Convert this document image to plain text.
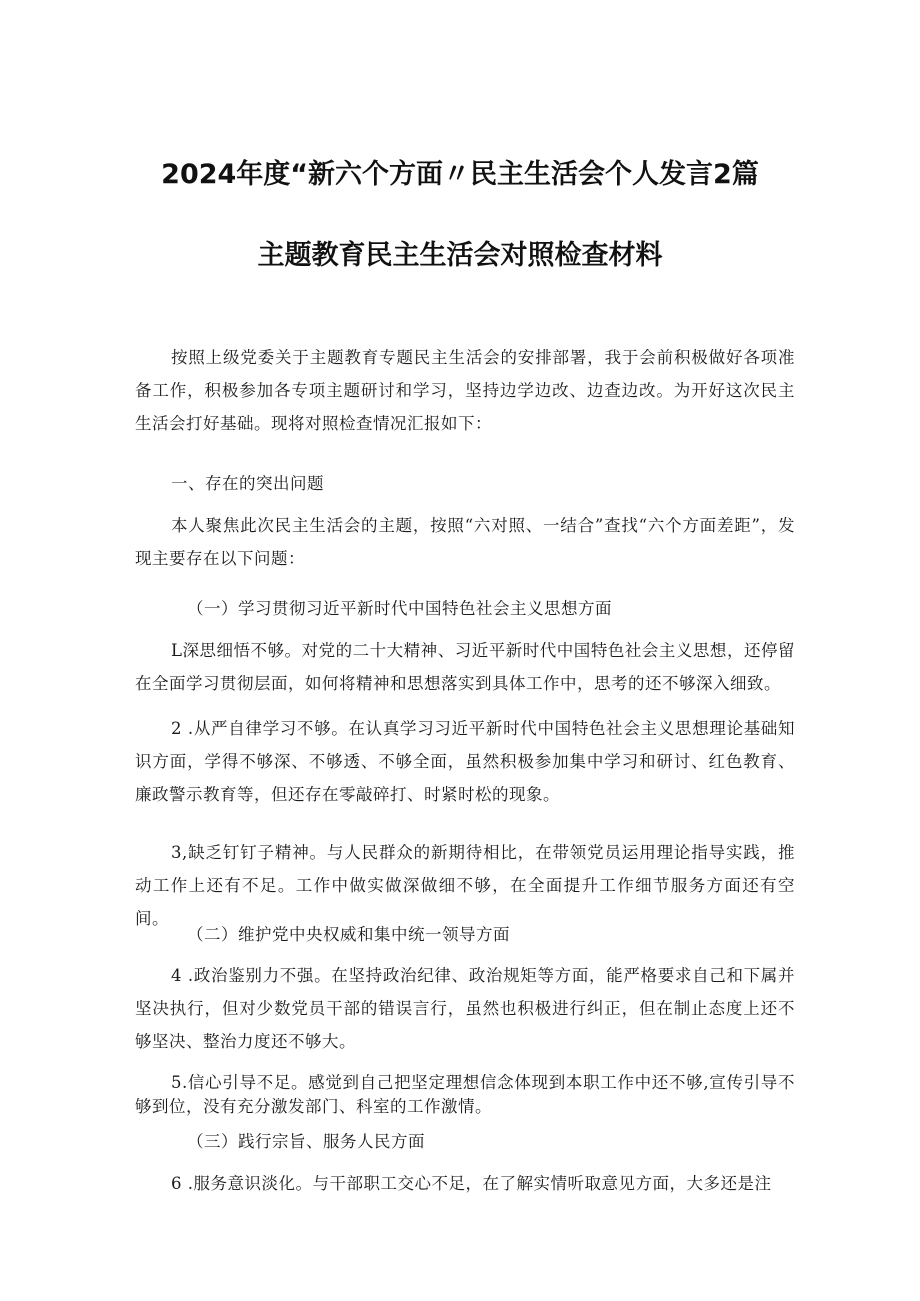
2024年度“新六个方面〃民主生活会个人发言2篇
主题教育民主生活会对照检查材料
按照上级党委关于主题教育专题民主生活会的安排部署，我于会前积极做好各项准备工作，积极参加各专项主题研讨和学习，坚持边学边改、边查边改。为开好这次民主生活会打好基础。现将对照检查情况汇报如下：
一、存在的突出问题
本人聚焦此次民主生活会的主题，按照“六对照、一结合”查找“六个方面差距”，发现主要存在以下问题：
（一）学习贯彻习近平新时代中国特色社会主义思想方面
L深思细悟不够。对党的二十大精神、习近平新时代中国特色社会主义思想，还停留在全面学习贯彻层面，如何将精神和思想落实到具体工作中，思考的还不够深入细致。
2 .从严自律学习不够。在认真学习习近平新时代中国特色社会主义思想理论基础知识方面，学得不够深、不够透、不够全面，虽然积极参加集中学习和研讨、红色教育、廉政警示教育等，但还存在零敲碎打、时紧时松的现象。
3,缺乏钉钉子精神。与人民群众的新期待相比，在带领党员运用理论指导实践，推动工作上还有不足。工作中做实做深做细不够，在全面提升工作细节服务方面还有空间。
（二）维护党中央权威和集中统一领导方面
4 .政治鉴别力不强。在坚持政治纪律、政治规矩等方面，能严格要求自己和下属并坚决执行，但对少数党员干部的错误言行，虽然也积极进行纠正，但在制止态度上还不够坚决、整治力度还不够大。
5.信心引导不足。感觉到自己把坚定理想信念体现到本职工作中还不够,宣传引导不够到位，没有充分激发部门、科室的工作激情。
（三）践行宗旨、服务人民方面
6 .服务意识淡化。与干部职工交心不足，在了解实情听取意见方面，大多还是注
